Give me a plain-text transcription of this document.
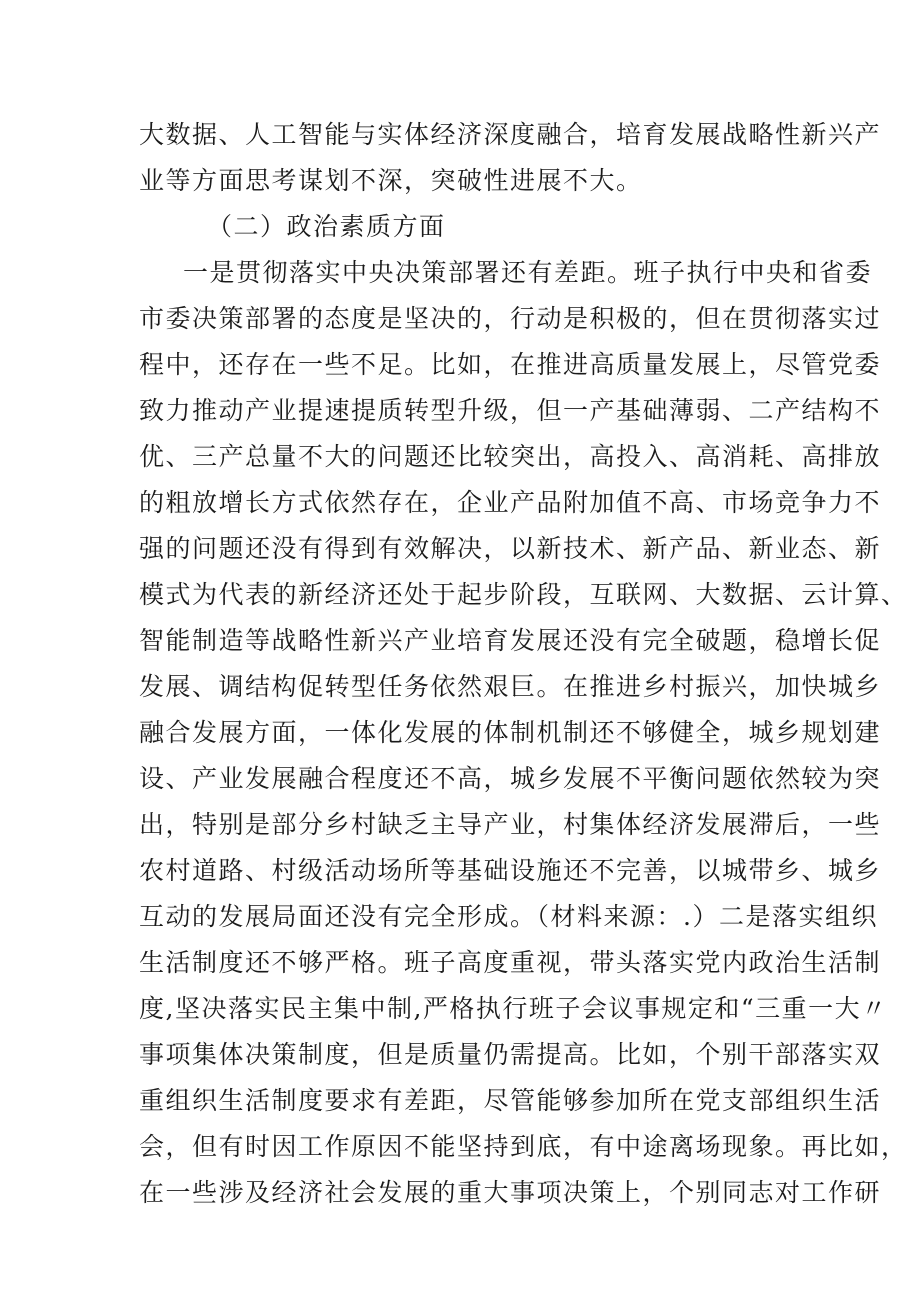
大数据、人工智能与实体经济深度融合，培育发展战略性新兴产
业等方面思考谋划不深，突破性进展不大。
（二）政治素质方面
一是贯彻落实中央决策部署还有差距。班子执行中央和省委
市委决策部署的态度是坚决的，行动是积极的，但在贯彻落实过
程中，还存在一些不足。比如，在推进高质量发展上，尽管党委
致力推动产业提速提质转型升级，但一产基础薄弱、二产结构不
优、三产总量不大的问题还比较突出，高投入、高消耗、高排放
的粗放增长方式依然存在，企业产品附加值不高、市场竞争力不
强的问题还没有得到有效解决，以新技术、新产品、新业态、新
模式为代表的新经济还处于起步阶段，互联网、大数据、云计算、
智能制造等战略性新兴产业培育发展还没有完全破题，稳增长促
发展、调结构促转型任务依然艰巨。在推进乡村振兴，加快城乡
融合发展方面，一体化发展的体制机制还不够健全，城乡规划建
设、产业发展融合程度还不高，城乡发展不平衡问题依然较为突
出，特别是部分乡村缺乏主导产业，村集体经济发展滞后，一些
农村道路、村级活动场所等基础设施还不完善，以城带乡、城乡
互动的发展局面还没有完全形成。（材料来源：.）二是落实组织
生活制度还不够严格。班子高度重视，带头落实党内政治生活制
度,坚决落实民主集中制,严格执行班子会议事规定和“三重一大〃
事项集体决策制度，但是质量仍需提高。比如，个别干部落实双
重组织生活制度要求有差距，尽管能够参加所在党支部组织生活
会，但有时因工作原因不能坚持到底，有中途离场现象。再比如，
在一些涉及经济社会发展的重大事项决策上，个别同志对工作研
